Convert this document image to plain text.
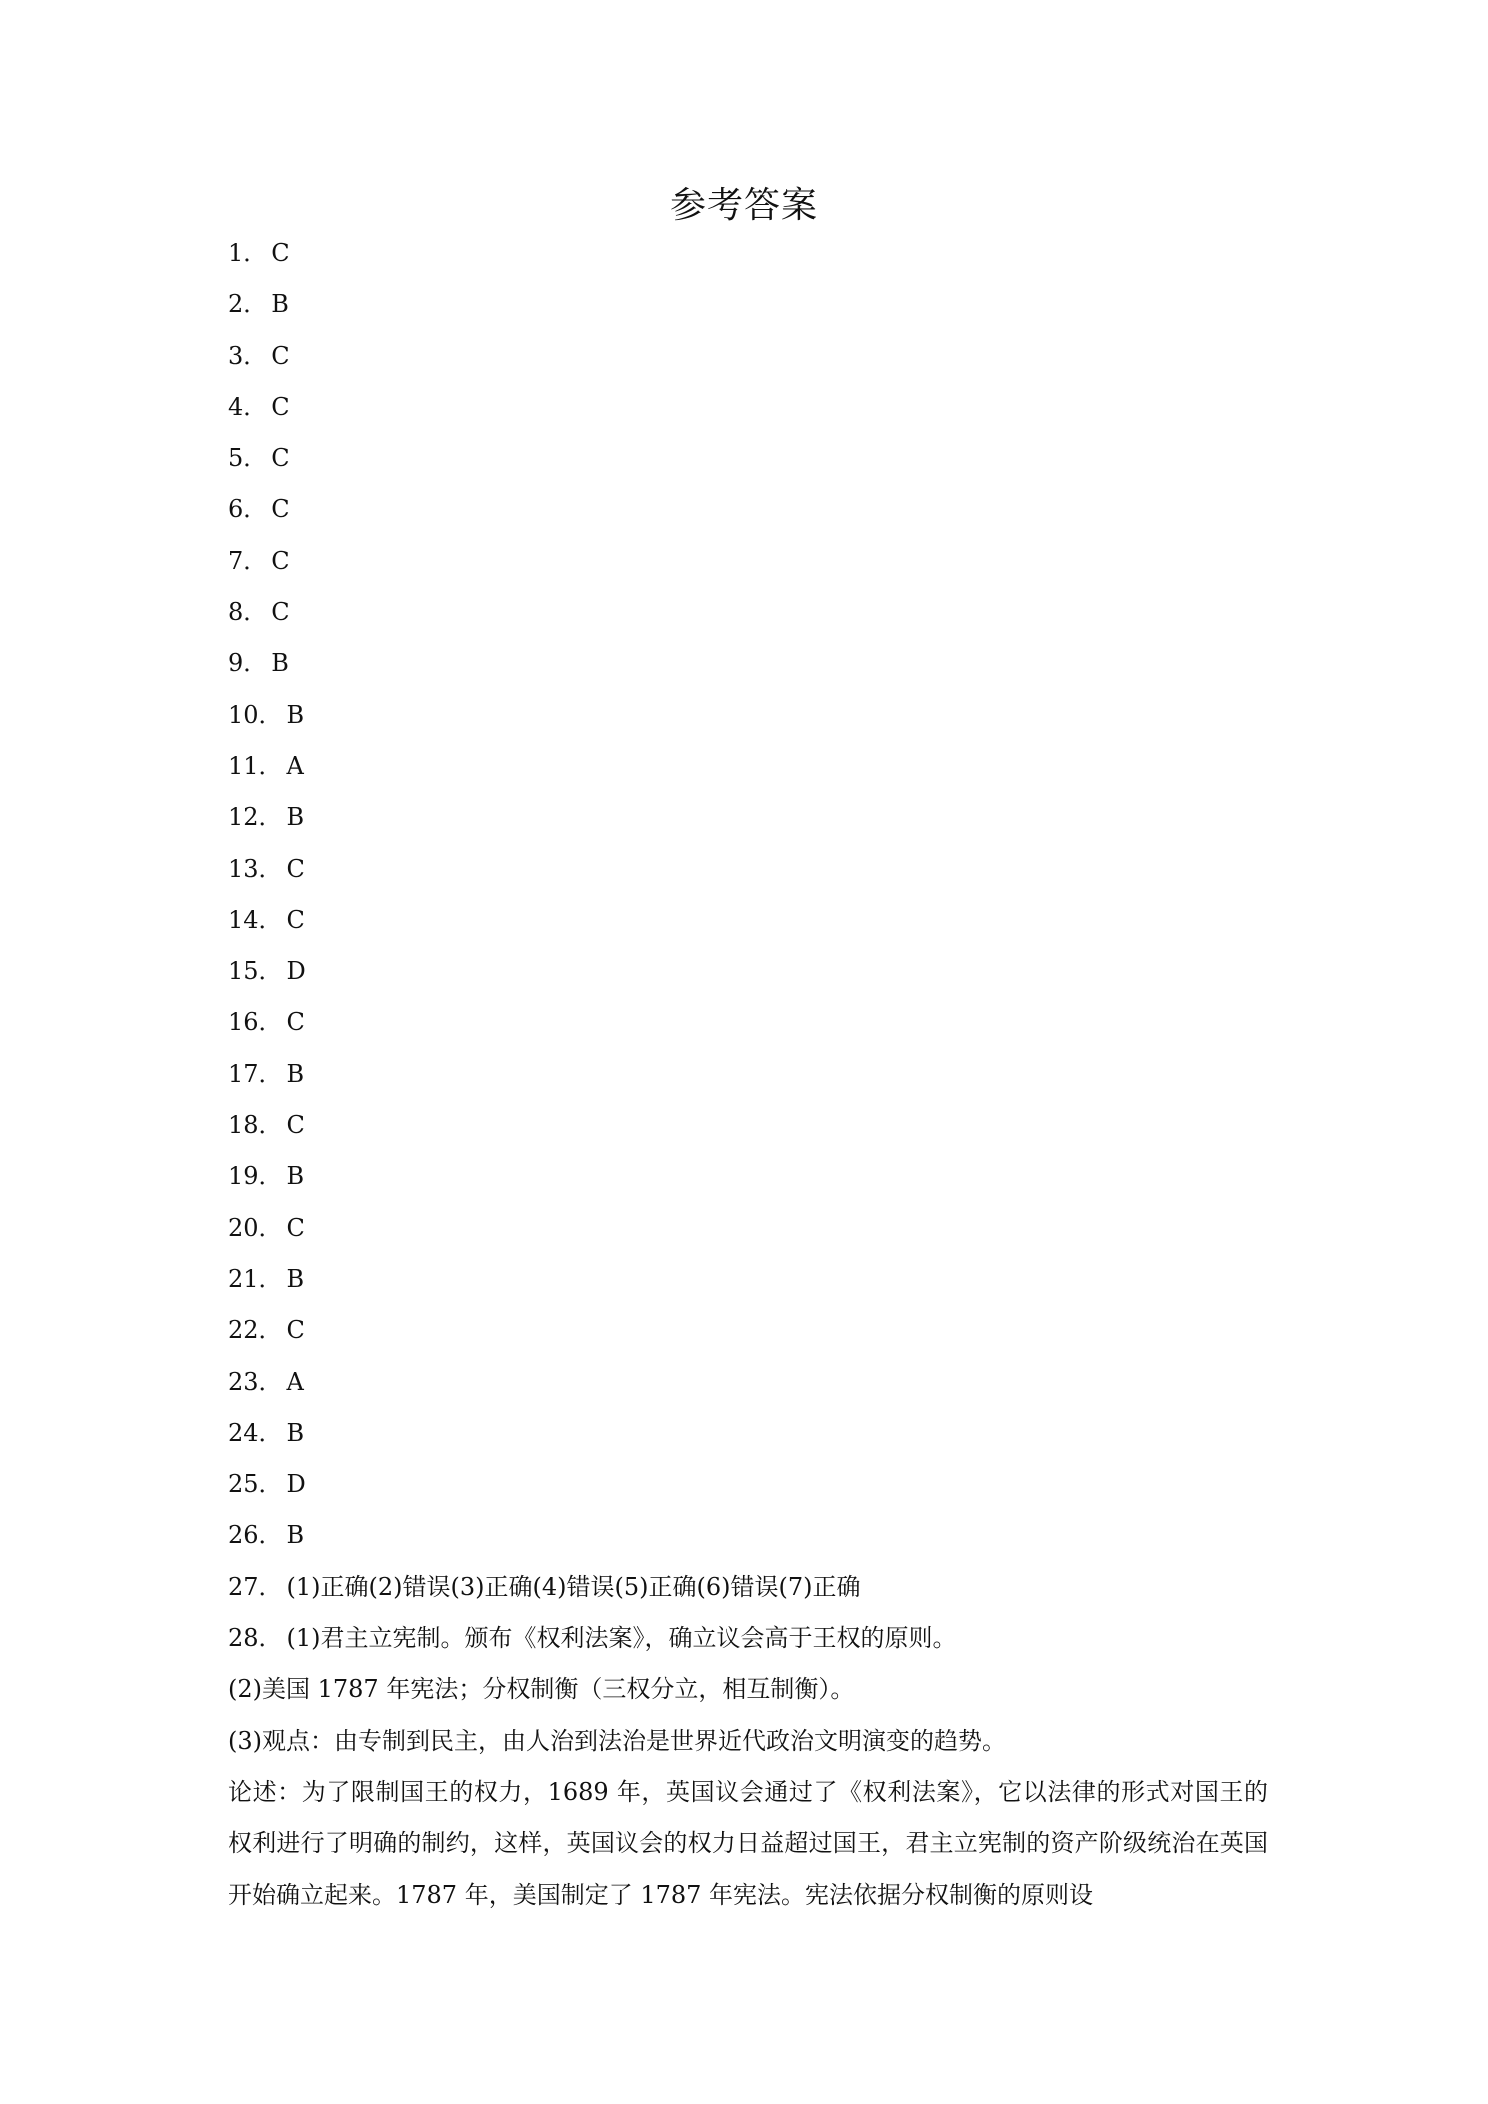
参考答案
1 ． C
2 ． B
3 ． C
4 ． C
5 ． C
6 ． C
7 ． C
8 ． C
9 ． B
10 ． B
11 ． A
12 ． B
13 ． C
14 ． C
15 ． D
16 ． C
17 ． B
18 ． C
19 ． B
20 ． C
21 ． B
22 ． C
23 ． A
24 ． B
25 ． D
26 ． B
27 ． (1)正确(2)错误(3)正确(4)错误(5)正确(6)错误(7)正确
28 ． (1)君主立宪制。颁布《权利法案》，确立议会高于王权的原则。
(2)美国 1787 年宪法；分权制衡（三权分立，相互制衡）。
(3)观点：由专制到民主，由人治到法治是世界近代政治文明演变的趋势。
论述：为了限制国王的权力，1689 年，英国议会通过了《权利法案》，它以法律的形式对国王的权利进行了明确的制约，这样，英国议会的权力日益超过国王，君主立宪制的资产阶级统治在英国开始确立起来。1787 年，美国制定了 1787 年宪法。宪法依据分权制衡的原则设
